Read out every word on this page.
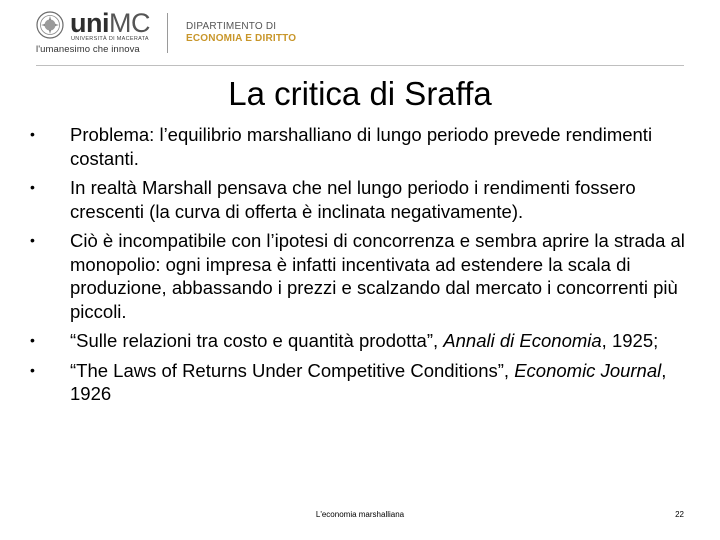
uniMC
UNIVERSITÀ DI MACERATA
l'umanesimo che innova
DIPARTIMENTO DI
ECONOMIA E DIRITTO
La critica di Sraffa
• Problema: l’equilibrio marshalliano di lungo periodo prevede rendimenti costanti.
• In realtà Marshall pensava che nel lungo periodo i rendimenti fossero crescenti (la curva di offerta è inclinata negativamente).
• Ciò è incompatibile con l’ipotesi di concorrenza e sembra aprire la strada al monopolio: ogni impresa è infatti incentivata ad estendere la scala di produzione, abbassando i prezzi e scalzando dal mercato i concorrenti più piccoli.
• “Sulle relazioni tra costo e quantità prodotta”, Annali di Economia, 1925;
• “The Laws of Returns Under Competitive Conditions”, Economic Journal, 1926
L'economia marshalliana	22
